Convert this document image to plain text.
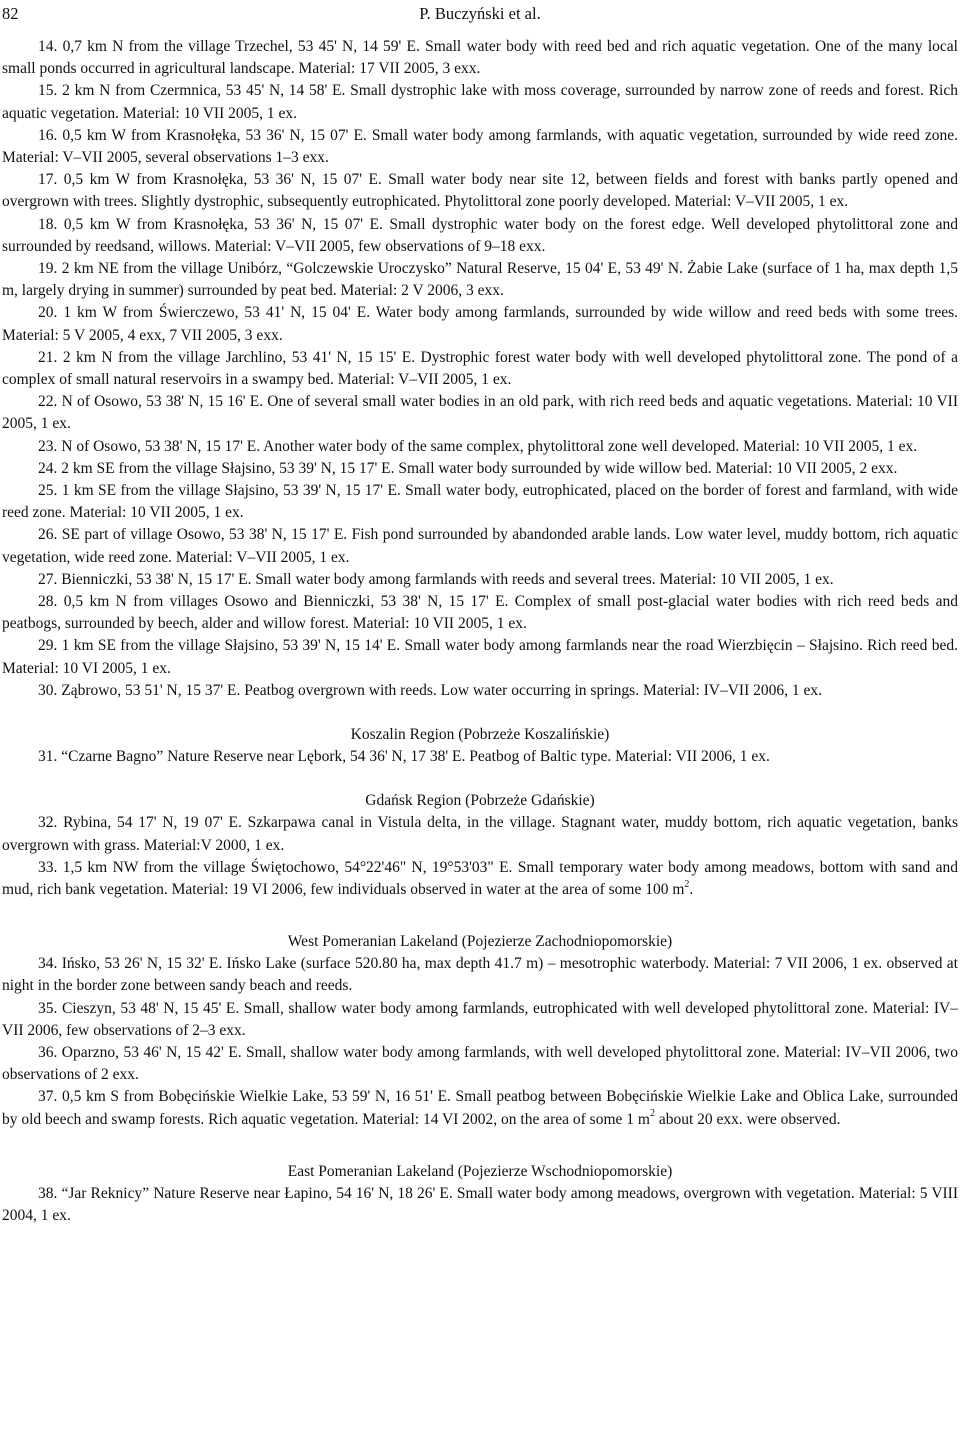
82	P. Buczyński et al.

14. 0,7 km N from the village Trzechel, 53 45' N, 14 59' E. Small water body with reed bed and rich aquatic vegetation. One of the many local small ponds occurred in agricultural landscape. Material: 17 VII 2005, 3 exx.

15. 2 km N from Czermnica, 53 45' N, 14 58' E. Small dystrophic lake with moss coverage, surrounded by narrow zone of reeds and forest. Rich aquatic vegetation. Material: 10 VII 2005, 1 ex.

16. 0,5 km W from Krasnołęka, 53 36' N, 15 07' E. Small water body among farmlands, with aquatic vegetation, surrounded by wide reed zone. Material: V–VII 2005, several observations 1–3 exx.

17. 0,5 km W from Krasnołęka, 53 36' N, 15 07' E. Small water body near site 12, between fields and forest with banks partly opened and overgrown with trees. Slightly dystrophic, subsequently eutrophicated. Phytolittoral zone poorly developed. Material: V–VII 2005, 1 ex.

18. 0,5 km W from Krasnołęka, 53 36' N, 15 07' E. Small dystrophic water body on the forest edge. Well developed phytolittoral zone and surrounded by reedsand, willows. Material: V–VII 2005, few observations of 9–18 exx.

19. 2 km NE from the village Unibórz, “Golczewskie Uroczysko” Natural Reserve, 15 04' E, 53 49' N. Żabie Lake (surface of 1 ha, max depth 1,5 m, largely drying in summer) surrounded by peat bed. Material: 2 V 2006, 3 exx.

20. 1 km W from Świerczewo, 53 41' N, 15 04' E. Water body among farmlands, surrounded by wide willow and reed beds with some trees. Material: 5 V 2005, 4 exx, 7 VII 2005, 3 exx.

21. 2 km N from the village Jarchlino, 53 41' N, 15 15' E. Dystrophic forest water body with well developed phytolittoral zone. The pond of a complex of small natural reservoirs in a swampy bed. Material: V–VII 2005, 1 ex.

22. N of Osowo, 53 38' N, 15 16' E. One of several small water bodies in an old park, with rich reed beds and aquatic vegetations. Material: 10 VII 2005, 1 ex.

23. N of Osowo, 53 38' N, 15 17' E. Another water body of the same complex, phytolittoral zone well developed. Material: 10 VII 2005, 1 ex.

24. 2 km SE from the village Słajsino, 53 39' N, 15 17' E. Small water body surrounded by wide willow bed. Material: 10 VII 2005, 2 exx.

25. 1 km SE from the village Słajsino, 53 39' N, 15 17' E. Small water body, eutrophicated, placed on the border of forest and farmland, with wide reed zone. Material: 10 VII 2005, 1 ex.

26. SE part of village Osowo, 53 38' N, 15 17' E. Fish pond surrounded by abandonded arable lands. Low water level, muddy bottom, rich aquatic vegetation, wide reed zone. Material: V–VII 2005, 1 ex.

27. Bienniczki, 53 38' N, 15 17' E. Small water body among farmlands with reeds and several trees. Material: 10 VII 2005, 1 ex.

28. 0,5 km N from villages Osowo and Bienniczki, 53 38' N, 15 17' E. Complex of small post-glacial water bodies with rich reed beds and peatbogs, surrounded by beech, alder and willow forest. Material: 10 VII 2005, 1 ex.

29. 1 km SE from the village Słajsino, 53 39' N, 15 14' E. Small water body among farmlands near the road Wierzbięcin – Słajsino. Rich reed bed. Material: 10 VI 2005, 1 ex.

30. Ząbrowo, 53 51' N, 15 37' E. Peatbog overgrown with reeds. Low water occurring in springs. Material: IV–VII 2006, 1 ex.

Koszalin Region (Pobrzeże Koszalińskie)

31. “Czarne Bagno” Nature Reserve near Lębork, 54 36' N, 17 38' E. Peatbog of Baltic type. Material: VII 2006, 1 ex.

Gdańsk Region (Pobrzeże Gdańskie)

32. Rybina, 54 17' N, 19 07' E. Szkarpawa canal in Vistula delta, in the village. Stagnant water, muddy bottom, rich aquatic vegetation, banks overgrown with grass. Material:V 2000, 1 ex.

33. 1,5 km NW from the village Świętochowo, 54°22'46" N, 19°53'03" E. Small temporary water body among meadows, bottom with sand and mud, rich bank vegetation. Material: 19 VI 2006, few individuals observed in water at the area of some 100 $m^2$.

West Pomeranian Lakeland (Pojezierze Zachodniopomorskie)

34. Ińsko, 53 26' N, 15 32' E. Ińsko Lake (surface 520.80 ha, max depth 41.7 m) – mesotrophic waterbody. Material: 7 VII 2006, 1 ex. observed at night in the border zone between sandy beach and reeds.

35. Cieszyn, 53 48' N, 15 45' E. Small, shallow water body among farmlands, eutrophicated with well developed phytolittoral zone. Material: IV–VII 2006, few observations of 2–3 exx.

36. Oparzno, 53 46' N, 15 42' E. Small, shallow water body among farmlands, with well developed phytolittoral zone. Material: IV–VII 2006, two observations of 2 exx.

37. 0,5 km S from Bobęcińskie Wielkie Lake, 53 59' N, 16 51' E. Small peatbog between Bobęcińskie Wielkie Lake and Oblica Lake, surrounded by old beech and swamp forests. Rich aquatic vegetation. Material: 14 VI 2002, on the area of some 1 $m^2$ about 20 exx. were observed.

East Pomeranian Lakeland (Pojezierze Wschodniopomorskie)

38. “Jar Reknicy” Nature Reserve near Łapino, 54 16' N, 18 26' E. Small water body among meadows, overgrown with vegetation. Material: 5 VIII 2004, 1 ex.
